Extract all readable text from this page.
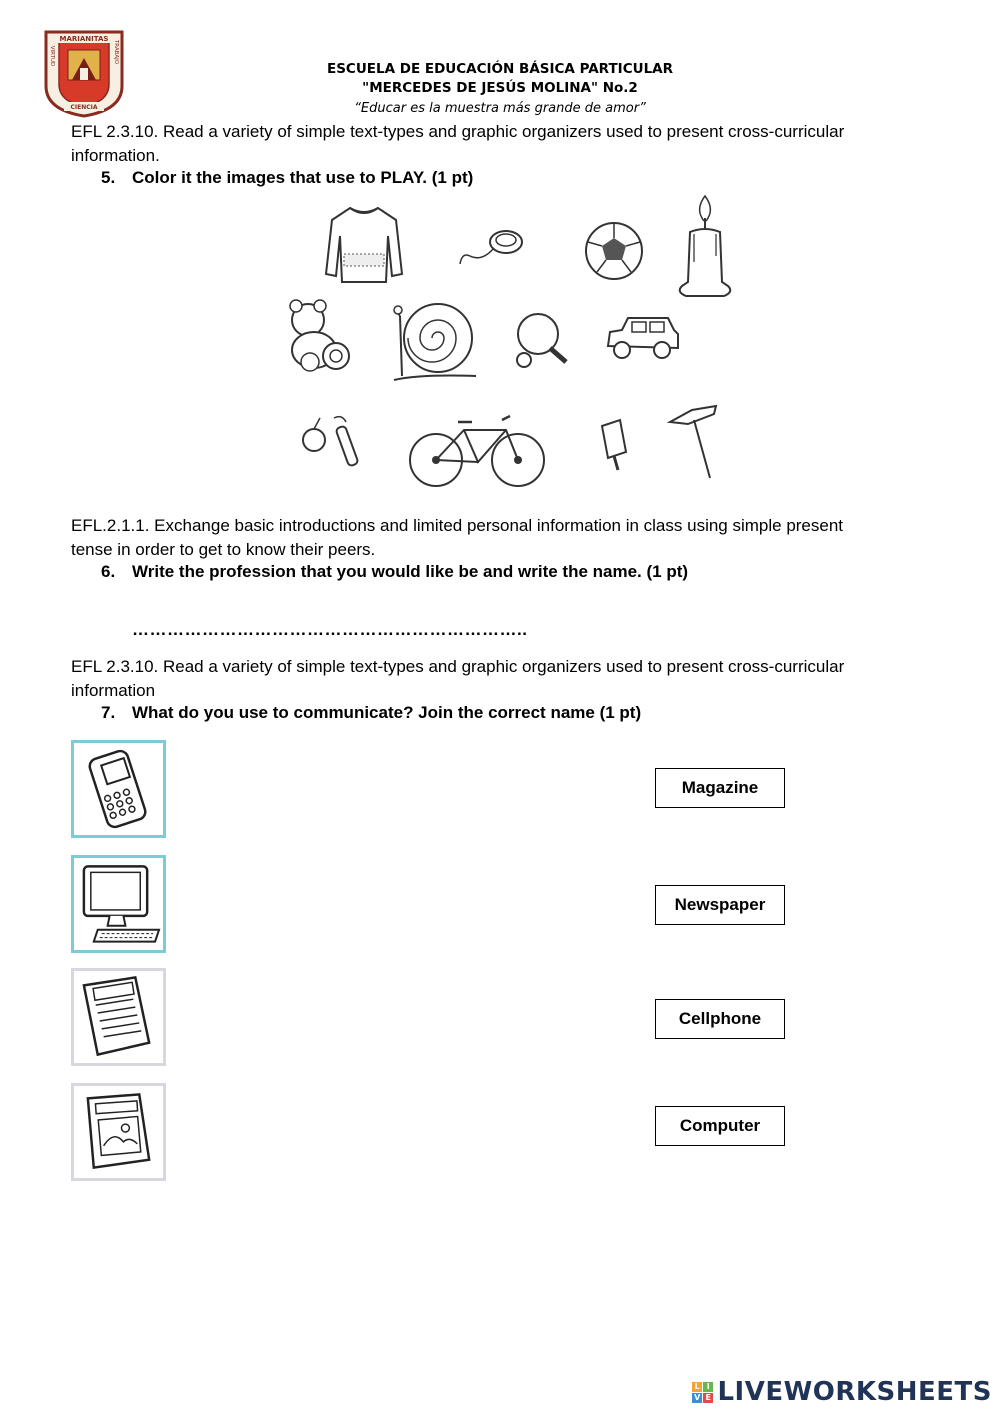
MARIANITAS
VIRTUD	TRABAJO
CIENCIA
ESCUELA DE EDUCACIÓN BÁSICA PARTICULAR
"MERCEDES DE JESÚS MOLINA" No.2
“Educar es la muestra más grande de amor”
EFL 2.3.10. Read a variety of simple text-types and graphic organizers used to present cross-curricular information.
5. Color it the images that use to PLAY. (1 pt)
EFL.2.1.1. Exchange basic introductions and limited personal information in class using simple present tense in order to get to know their peers.
6. Write the profession that you would like be and write the name. (1 pt)
…………………………………………………………..
EFL 2.3.10. Read a variety of simple text-types and graphic organizers used to present cross-curricular information
7. What do you use to communicate? Join the correct name (1 pt)
Magazine
Newspaper
Cellphone
Computer
L I
V E LIVEWORKSHEETS
